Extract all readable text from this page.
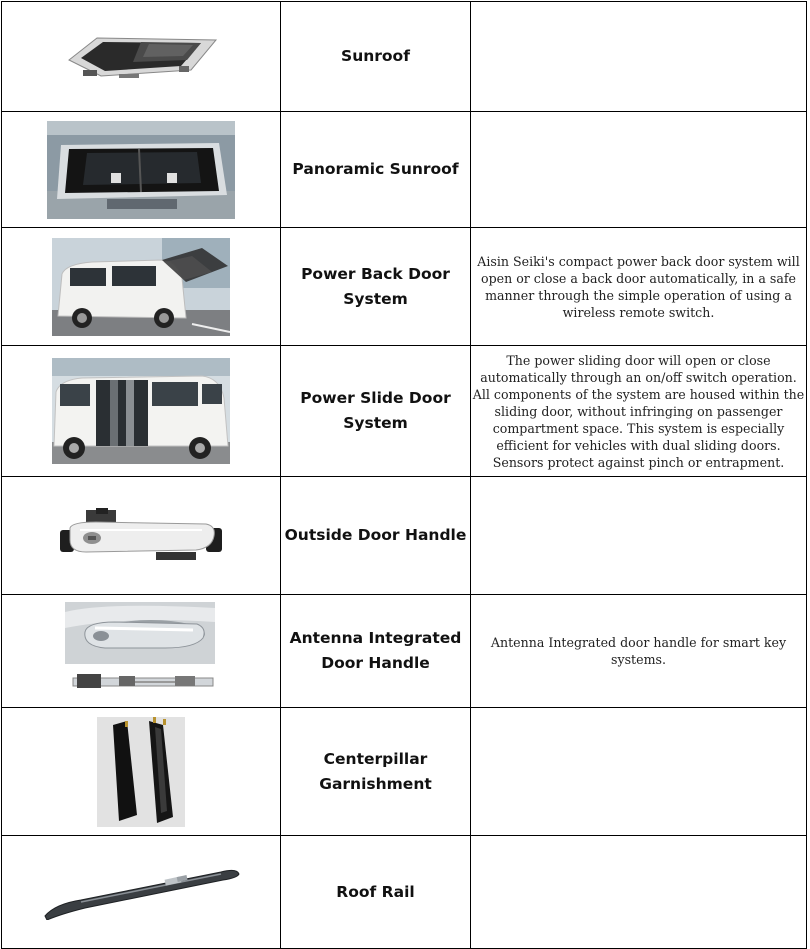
	Sunroof	

	Panoramic Sunroof	

	Power Back Door System	Aisin Seiki's compact power back door system will open or close a back door automatically, in a safe manner through the simple operation of using a wireless remote switch.

	Power Slide Door System	The power sliding door will open or close automatically through an on/off switch operation. All components of the system are housed within the sliding door, without infringing on passenger compartment space. This system is especially efficient for vehicles with dual sliding doors. Sensors protect against pinch or entrapment.

	Outside Door Handle	

	Antenna Integrated Door Handle	Antenna Integrated door handle for smart key systems.

	Centerpillar Garnishment	

	Roof Rail	
